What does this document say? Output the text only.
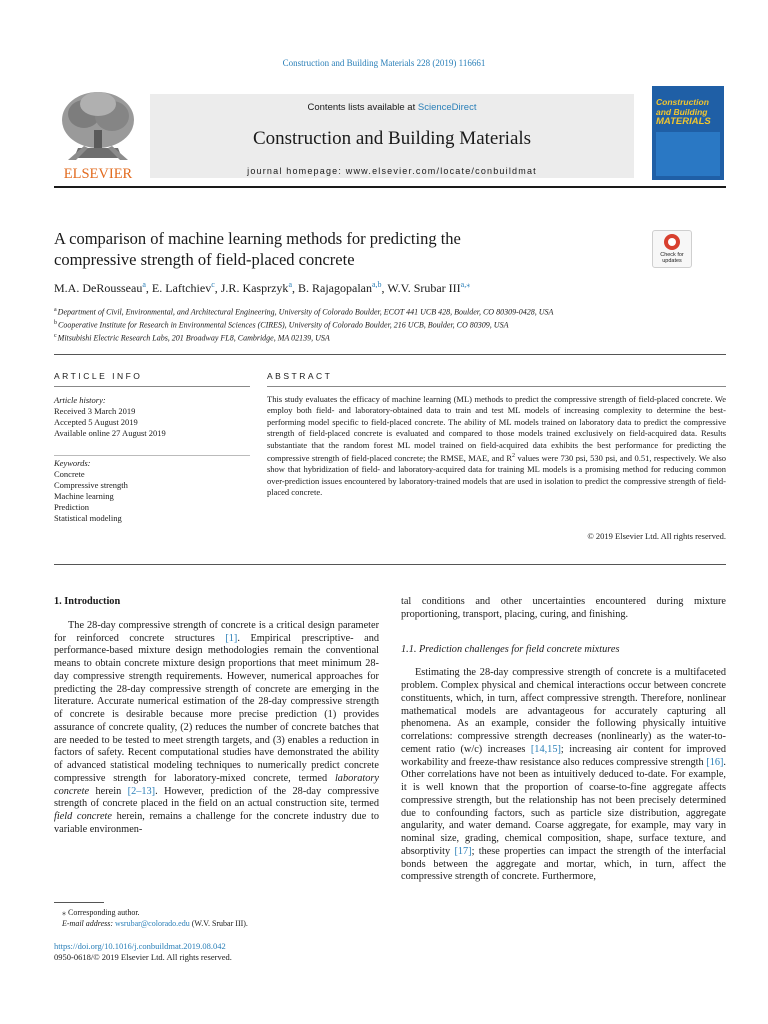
Construction and Building Materials 228 (2019) 116661
ELSEVIER
Contents lists available at ScienceDirect
Construction and Building Materials
journal homepage: www.elsevier.com/locate/conbuildmat
Construction
and Building
MATERIALS
A comparison of machine learning methods for predicting the
compressive strength of field-placed concrete	Check for updates
M.A. DeRousseau$^a$, E. Laftchiev$^c$, J.R. Kasprzyk$^a$, B. Rajagopalan$^{a,b}$, W.V. Srubar $III^{a,⁎}$
$^a$Department of Civil, Environmental, and Architectural Engineering, University of Colorado Boulder, ECOT 441 UCB 428, Boulder, CO 80309-0428, USA
$^b$Cooperative Institute for Research in Environmental Sciences (CIRES), University of Colorado Boulder, 216 UCB, Boulder, CO 80309, USA
$^c$Mitsubishi Electric Research Labs, 201 Broadway FL8, Cambridge, MA 02139, USA
ARTICLE INFO	ABSTRACT
Article history:
Received 3 March 2019
Accepted 5 August 2019
Available online 27 August 2019
Keywords:
Concrete
Compressive strength
Machine learning
Prediction
Statistical modeling
This study evaluates the efficacy of machine learning (ML) methods to predict the compressive strength of field-placed concrete. We employ both field- and laboratory-obtained data to train and test ML models of increasing complexity to determine the best-performing model specific to field-placed concrete. The ability of ML models trained on laboratory data to predict the compressive strength of field-placed concrete is evaluated and compared to those models trained exclusively on field-acquired data. Results substantiate that the random forest ML model trained on field-acquired data exhibits the best performance for predicting the compressive strength of field-placed concrete; the RMSE, MAE, and $R^2$ values were 730 psi, 530 psi, and 0.51, respectively. We also show that hybridization of field- and laboratory-acquired data for training ML models is a promising method for reducing common over-prediction issues encountered by laboratory-trained models that are used in isolation to predict the compressive strength of field-placed concrete.
© 2019 Elsevier Ltd. All rights reserved.
1. Introduction

The 28-day compressive strength of concrete is a critical design parameter for reinforced concrete structures [1]. Empirical prescriptive- and performance-based mixture design methodologies remain the conventional means to obtain concrete mixture design proportions that meet minimum 28-day compressive strength requirements. However, numerical approaches for predicting the 28-day compressive strength of concrete are emerging in the literature. Accurate numerical estimation of the 28-day compressive strength of concrete is desirable because more precise prediction (1) provides assurance of concrete quality, (2) reduces the number of concrete batches that are needed to be tested to meet strength targets, and (3) enables a reduction in factors of safety. Recent computational studies have demonstrated the ability of advanced statistical modeling techniques to numerically predict concrete compressive strength for laboratory-mixed concrete, termed laboratory concrete herein [2–13]. However, prediction of the 28-day compressive strength of concrete placed in the field on an actual construction site, termed field concrete herein, remains a challenge for the concrete industry due to variable environmen-

tal conditions and other uncertainties encountered during mixture proportioning, transport, placing, curing, and finishing.

1.1. Prediction challenges for field concrete mixtures

Estimating the 28-day compressive strength of concrete is a multifaceted problem. Complex physical and chemical interactions occur between concrete constituents, which, in turn, affect compressive strength. Therefore, nonlinear mathematical models are advantageous for accurately capturing all phenomena. As an example, consider the following physically intuitive correlations: compressive strength decreases (nonlinearly) as the water-to-cement ratio (w/c) increases [14,15]; increasing air content for improved workability and freeze-thaw resistance also reduces compressive strength [16]. Other correlations have not been as intuitively deduced to-date. For example, it is well known that the proportion of coarse-to-fine aggregate affects compressive strength, but the relationship has not been precisely determined due to confounding factors, such as particle size distribution, aggregate angularity, and water demand. Coarse aggregate, for example, may vary in nominal size, grading, chemical composition, shape, surface texture, and absorptivity [17]; these properties can impact the strength of the interfacial bonds between the aggregate and mortar, which, in turn, affect the compressive strength of concrete. Furthermore,

⁎ Corresponding author.
E-mail address: wsrubar@colorado.edu (W.V. Srubar III).
https://doi.org/10.1016/j.conbuildmat.2019.08.042
0950-0618/© 2019 Elsevier Ltd. All rights reserved.
